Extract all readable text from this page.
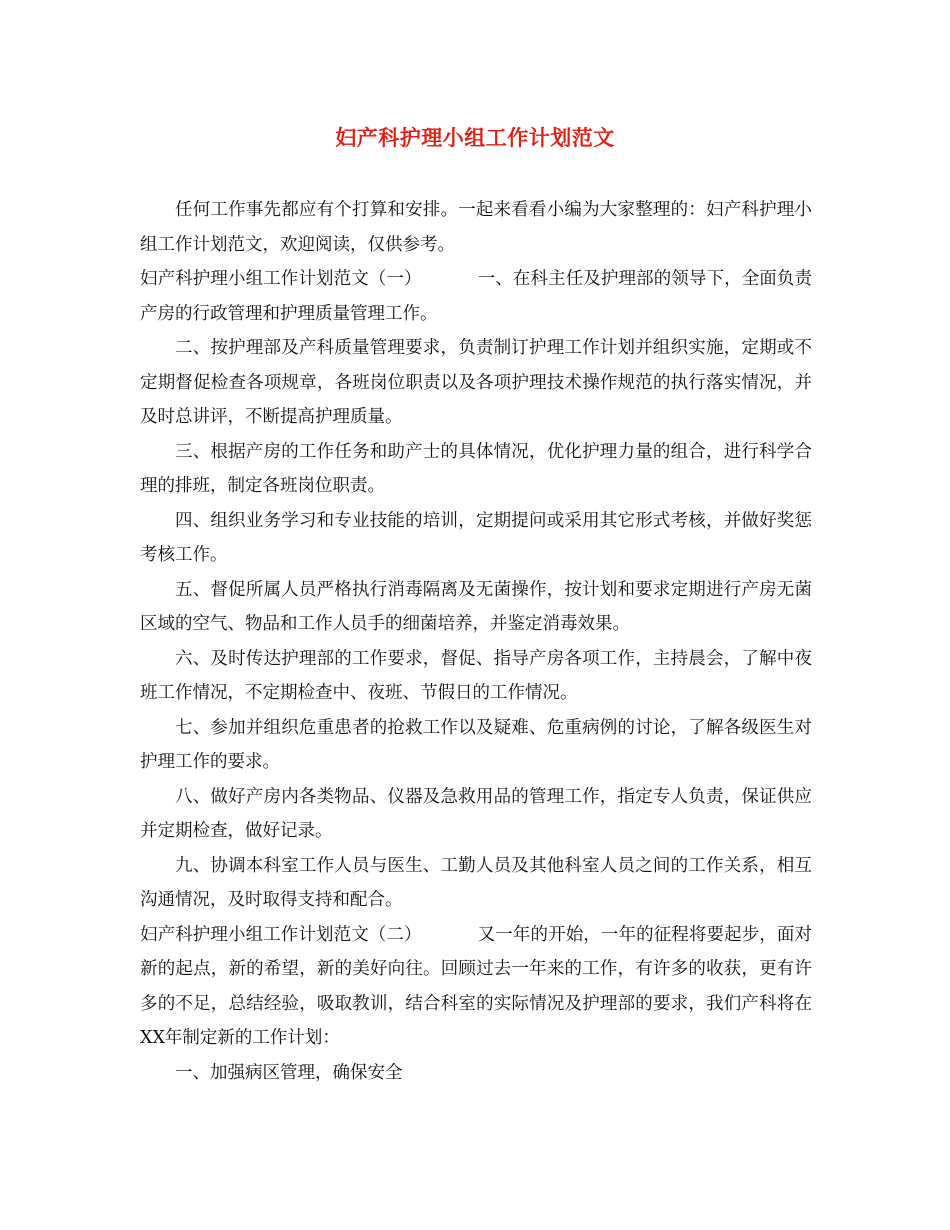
妇产科护理小组工作计划范文

任何工作事先都应有个打算和安排。一起来看看小编为大家整理的：妇产科护理小组工作计划范文，欢迎阅读，仅供参考。

妇产科护理小组工作计划范文（一）	一、在科主任及护理部的领导下，全面负责产房的行政管理和护理质量管理工作。

二、按护理部及产科质量管理要求，负责制订护理工作计划并组织实施，定期或不定期督促检查各项规章，各班岗位职责以及各项护理技术操作规范的执行落实情况，并及时总讲评，不断提高护理质量。

三、根据产房的工作任务和助产士的具体情况，优化护理力量的组合，进行科学合理的排班，制定各班岗位职责。

四、组织业务学习和专业技能的培训，定期提问或采用其它形式考核，并做好奖惩考核工作。

五、督促所属人员严格执行消毒隔离及无菌操作，按计划和要求定期进行产房无菌区域的空气、物品和工作人员手的细菌培养，并鉴定消毒效果。

六、及时传达护理部的工作要求，督促、指导产房各项工作，主持晨会，了解中夜班工作情况，不定期检查中、夜班、节假日的工作情况。

七、参加并组织危重患者的抢救工作以及疑难、危重病例的讨论，了解各级医生对护理工作的要求。

八、做好产房内各类物品、仪器及急救用品的管理工作，指定专人负责，保证供应并定期检查，做好记录。

九、协调本科室工作人员与医生、工勤人员及其他科室人员之间的工作关系，相互沟通情况，及时取得支持和配合。

妇产科护理小组工作计划范文（二）	又一年的开始，一年的征程将要起步，面对新的起点，新的希望，新的美好向往。回顾过去一年来的工作，有许多的收获，更有许多的不足，总结经验，吸取教训，结合科室的实际情况及护理部的要求，我们产科将在XX年制定新的工作计划：

一、加强病区管理，确保安全
